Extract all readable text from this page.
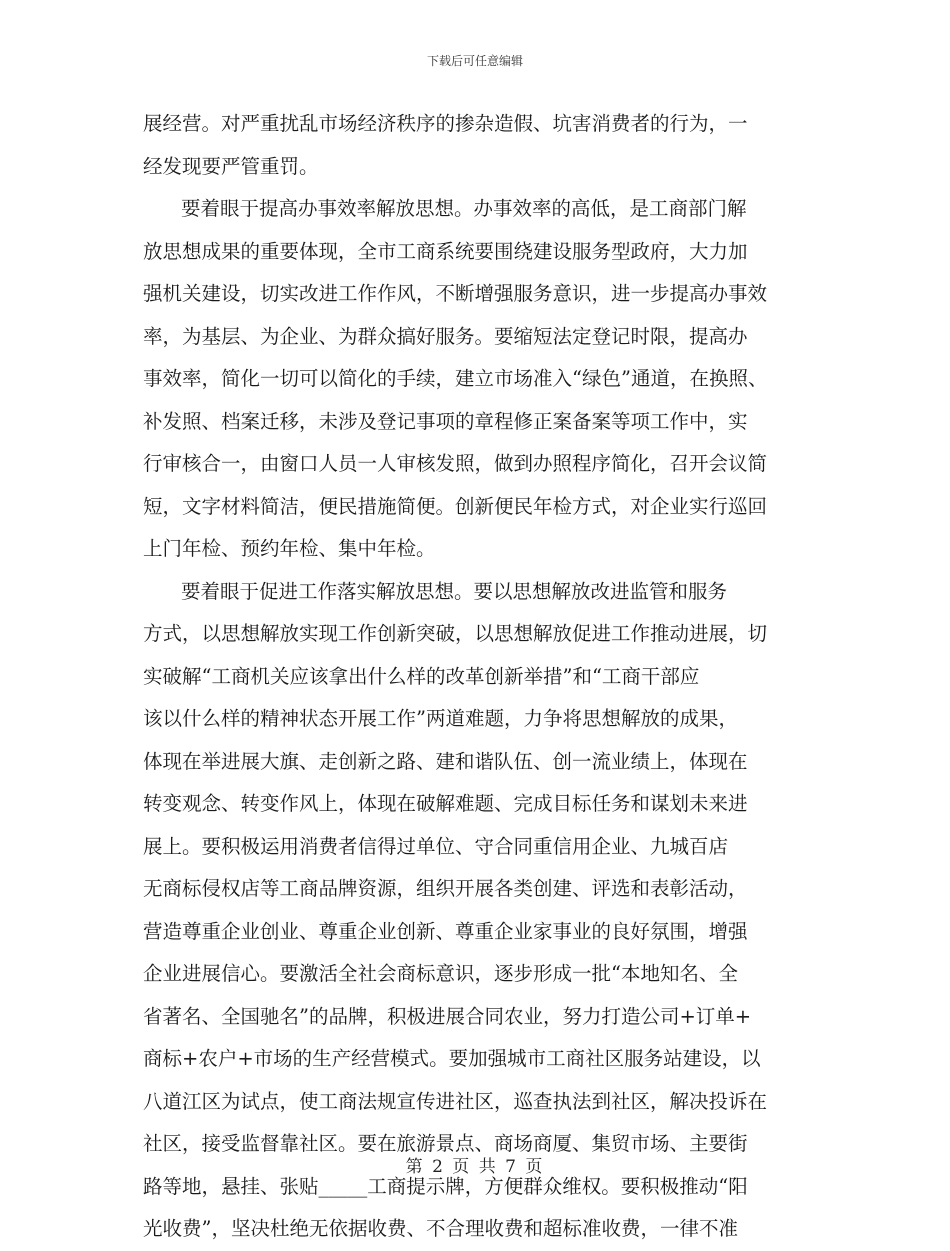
下载后可任意编辑
展经营。对严重扰乱市场经济秩序的掺杂造假、坑害消费者的行为，一
经发现要严管重罚。
要着眼于提高办事效率解放思想。办事效率的高低，是工商部门解
放思想成果的重要体现，全市工商系统要围绕建设服务型政府，大力加
强机关建设，切实改进工作作风，不断增强服务意识，进一步提高办事效
率，为基层、为企业、为群众搞好服务。要缩短法定登记时限，提高办
事效率，简化一切可以简化的手续，建立市场准入“绿色”通道，在换照、
补发照、档案迁移，未涉及登记事项的章程修正案备案等项工作中，实
行审核合一，由窗口人员一人审核发照，做到办照程序简化，召开会议简
短，文字材料简洁，便民措施简便。创新便民年检方式，对企业实行巡回
上门年检、预约年检、集中年检。
要着眼于促进工作落实解放思想。要以思想解放改进监管和服务
方式，以思想解放实现工作创新突破，以思想解放促进工作推动进展，切
实破解“工商机关应该拿出什么样的改革创新举措”和“工商干部应
该以什么样的精神状态开展工作”两道难题，力争将思想解放的成果，
体现在举进展大旗、走创新之路、建和谐队伍、创一流业绩上，体现在
转变观念、转变作风上，体现在破解难题、完成目标任务和谋划未来进
展上。要积极运用消费者信得过单位、守合同重信用企业、九城百店
无商标侵权店等工商品牌资源，组织开展各类创建、评选和表彰活动，
营造尊重企业创业、尊重企业创新、尊重企业家事业的良好氛围，增强
企业进展信心。要激活全社会商标意识，逐步形成一批“本地知名、全
省著名、全国驰名”的品牌，积极进展合同农业，努力打造公司+订单+
商标+农户+市场的生产经营模式。要加强城市工商社区服务站建设，以
八道江区为试点，使工商法规宣传进社区，巡查执法到社区，解决投诉在
社区，接受监督靠社区。要在旅游景点、商场商厦、集贸市场、主要街
路等地，悬挂、张贴_____工商提示牌，方便群众维权。要积极推动“阳
光收费”，坚决杜绝无依据收费、不合理收费和超标准收费，一律不准
第 2 页 共 7 页
